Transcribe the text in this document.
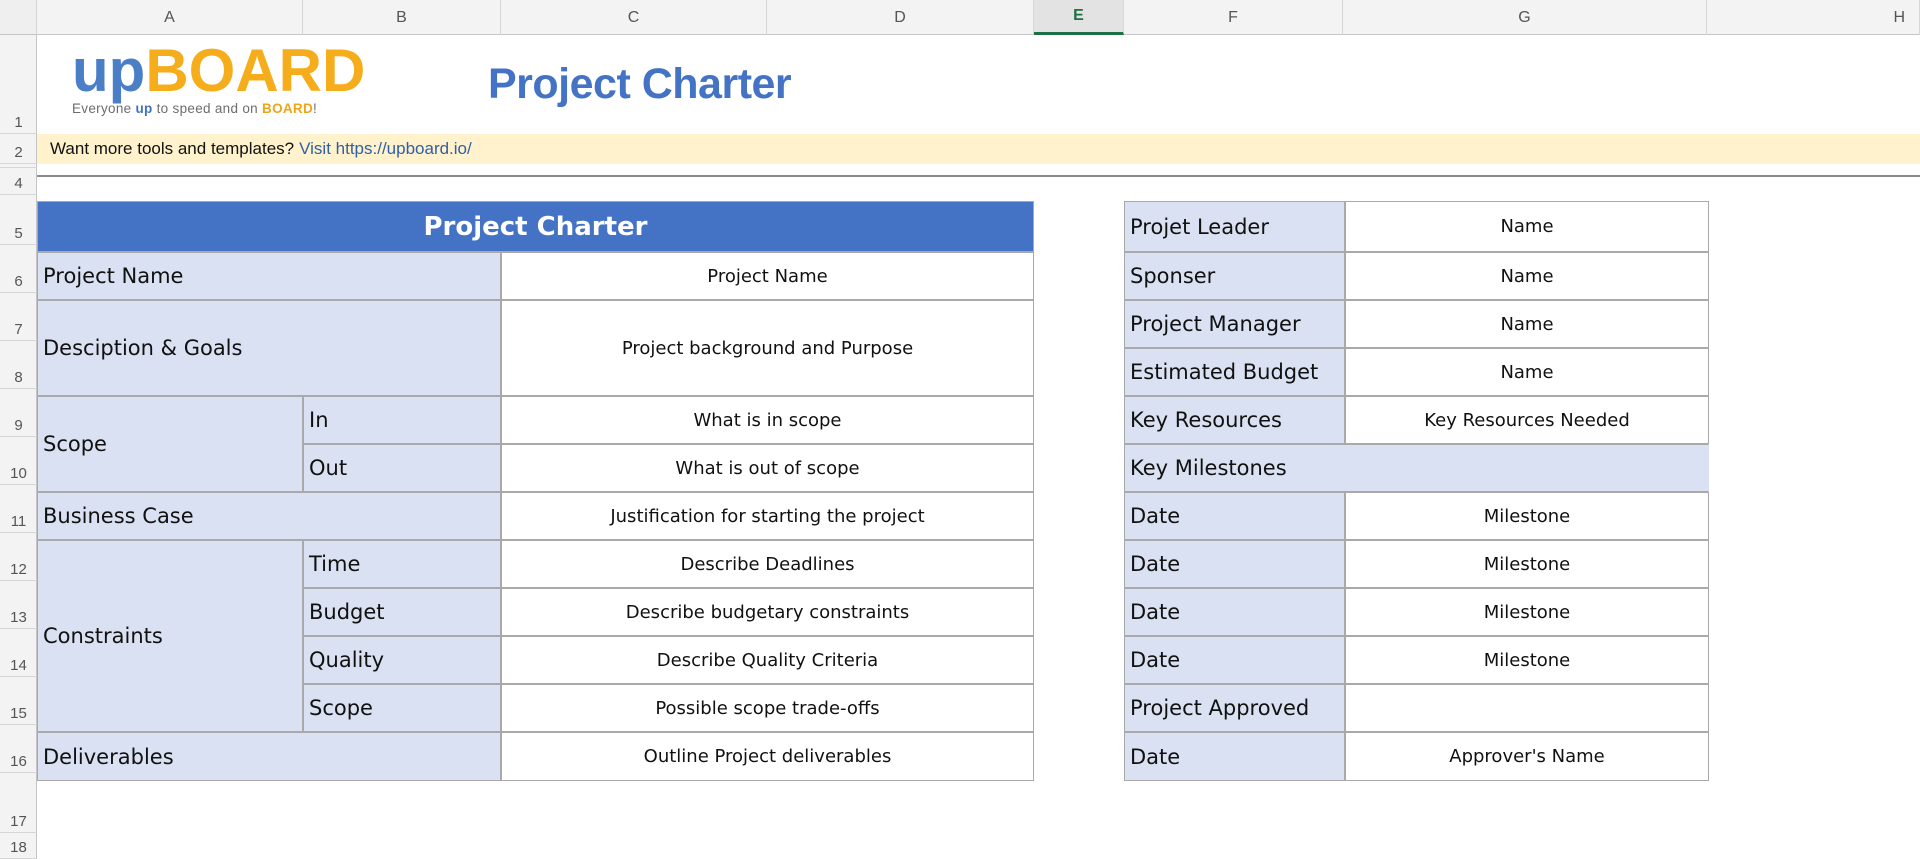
A	B	C	D	E	F	G	H
1
2
4
5
6
7
8
9
10
11
12
13
14
15
16
17
18
upBOARD
Everyone up to speed and on BOARD!
Project Charter
Want more tools and templates? Visit https://upboard.io/
Project Charter
Project Name	Project Name
Desciption & Goals	Project background and Purpose
Scope
In	What is in scope
Out	What is out of scope
Business Case	Justification for starting the project
Constraints
Time	Describe Deadlines
Budget	Describe budgetary constraints
Quality	Describe Quality Criteria
Scope	Possible scope trade-offs
Deliverables	Outline Project deliverables
Projet Leader	Name
Sponser	Name
Project Manager	Name
Estimated Budget	Name
Key Resources	Key Resources Needed
Key Milestones
Date	Milestone
Date	Milestone
Date	Milestone
Date	Milestone
Project Approved
Date	Approver's Name
